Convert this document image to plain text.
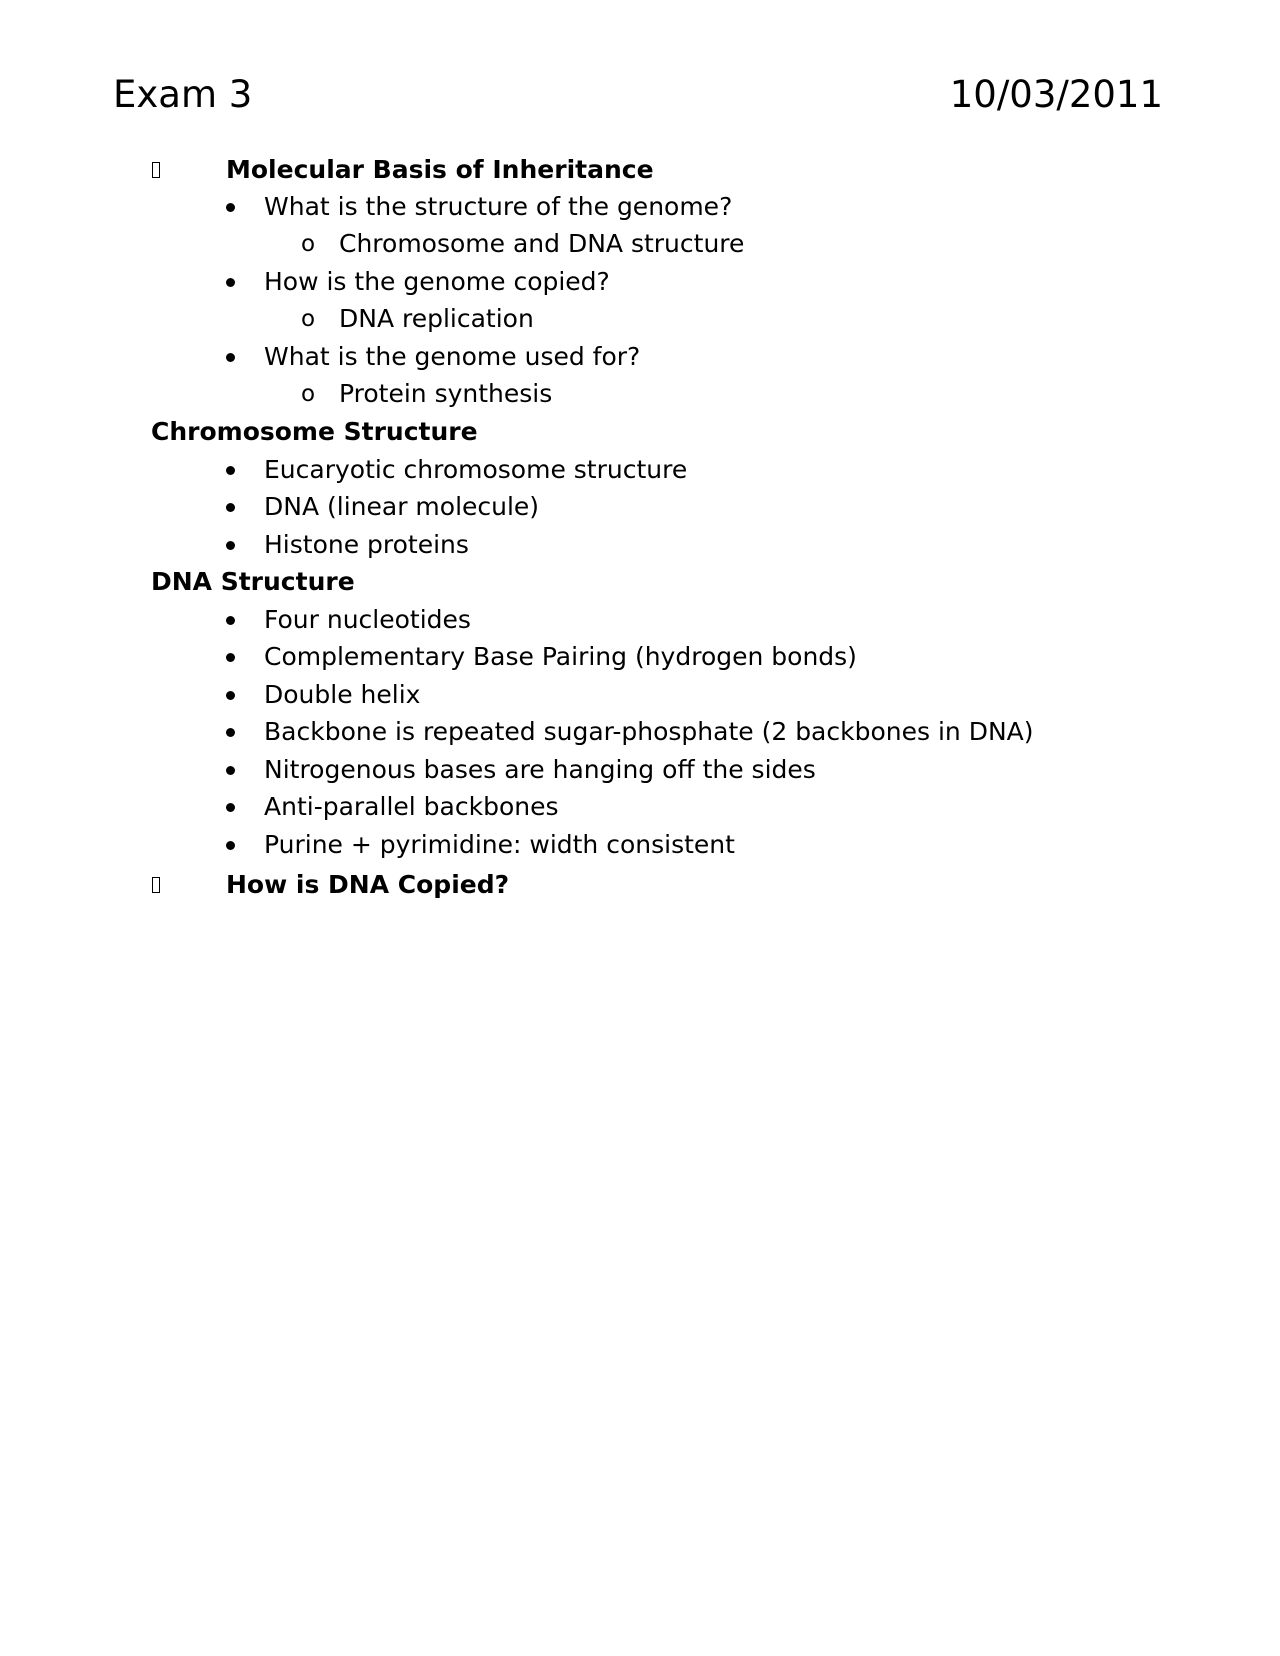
Exam 3	10/03/2011
Molecular Basis of Inheritance
What is the structure of the genome?
o Chromosome and DNA structure
How is the genome copied?
o DNA replication
What is the genome used for?
o Protein synthesis
Chromosome Structure
Eucaryotic chromosome structure
DNA (linear molecule)
Histone proteins
DNA Structure
Four nucleotides
Complementary Base Pairing (hydrogen bonds)
Double helix
Backbone is repeated sugar-phosphate (2 backbones in DNA)
Nitrogenous bases are hanging off the sides
Anti-parallel backbones
Purine + pyrimidine: width consistent
How is DNA Copied?
